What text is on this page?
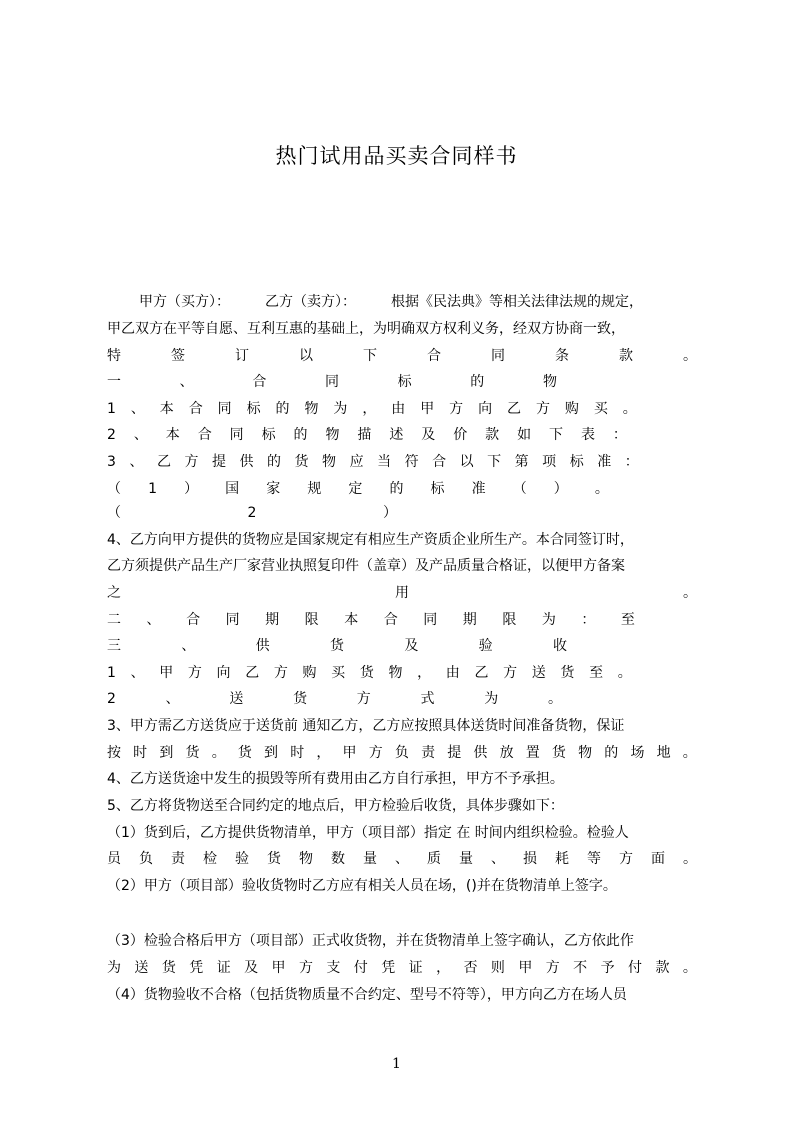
热门试用品买卖合同样书
甲方（买方）：　　　乙方（卖方）：　　　根据《民法典》等相关法律法规的规定，
甲乙双方在平等自愿、互利互惠的基础上，为明确双方权利义务，经双方协商一致，
特	签	订	以	下	合	同	条	款	。
一	、	合	同	标	的	物
1 、 本 合 同 标 的 物 为 ， 由 甲 方 向 乙 方 购 买 。
2 、 本 合 同 标 的 物 描 述 及 价 款 如 下 表 ：
3 、 乙 方 提 供 的 货 物 应 当 符 合 以 下 第 项 标 准 ：
（ 1 ） 国 家 规 定 的 标 准 （ ） 。
（	2	）
4、乙方向甲方提供的货物应是国家规定有相应生产资质企业所生产。本合同签订时，
乙方须提供产品生产厂家营业执照复印件（盖章）及产品质量合格证，以便甲方备案
之	用	。
二 、 合 同 期 限 本 合 同 期 限 为 ： 至
三	、	供	货	及	验	收
1 、 甲 方 向 乙 方 购 买 货 物 ， 由 乙 方 送 货 至 。
2	、	送	货	方	式	为	。
3、甲方需乙方送货应于送货前 通知乙方，乙方应按照具体送货时间准备货物，保证
按 时 到 货 。 货 到 时 ， 甲 方 负 责 提 供 放 置 货 物 的 场 地 。
4、乙方送货途中发生的损毁等所有费用由乙方自行承担，甲方不予承担。
5、乙方将货物送至合同约定的地点后，甲方检验后收货，具体步骤如下：
（1）货到后，乙方提供货物清单，甲方（项目部）指定 在 时间内组织检验。检验人
员 负 责 检 验 货 物 数 量 、 质 量 、 损 耗 等 方 面 。
（2）甲方（项目部）验收货物时乙方应有相关人员在场，()并在货物清单上签字。
（3）检验合格后甲方（项目部）正式收货物，并在货物清单上签字确认，乙方依此作
为 送 货 凭 证 及 甲 方 支 付 凭 证 ， 否 则 甲 方 不 予 付 款 。
（4）货物验收不合格（包括货物质量不合约定、型号不符等），甲方向乙方在场人员
1
